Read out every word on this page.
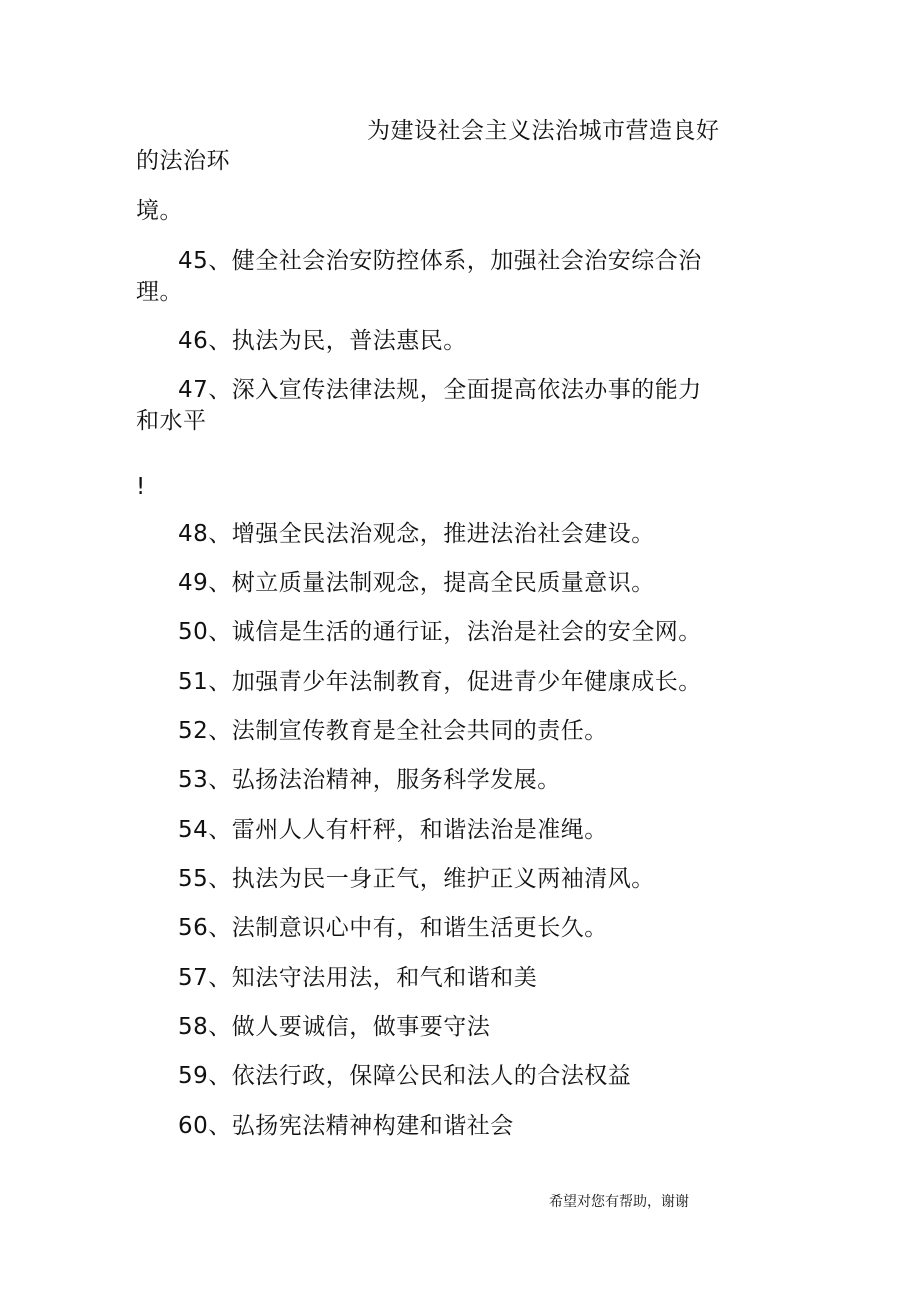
为建设社会主义法治城市营造良好
的法治环
境。
45、健全社会治安防控体系，加强社会治安综合治
理。
46、执法为民，普法惠民。
47、深入宣传法律法规，全面提高依法办事的能力
和水平
!
48、增强全民法治观念，推进法治社会建设。
49、树立质量法制观念，提高全民质量意识。
50、诚信是生活的通行证，法治是社会的安全网。
51、加强青少年法制教育，促进青少年健康成长。
52、法制宣传教育是全社会共同的责任。
53、弘扬法治精神，服务科学发展。
54、雷州人人有杆秤，和谐法治是准绳。
55、执法为民一身正气，维护正义两袖清风。
56、法制意识心中有，和谐生活更长久。
57、知法守法用法，和气和谐和美
58、做人要诚信，做事要守法
59、依法行政，保障公民和法人的合法权益
60、弘扬宪法精神构建和谐社会
希望对您有帮助，谢谢
